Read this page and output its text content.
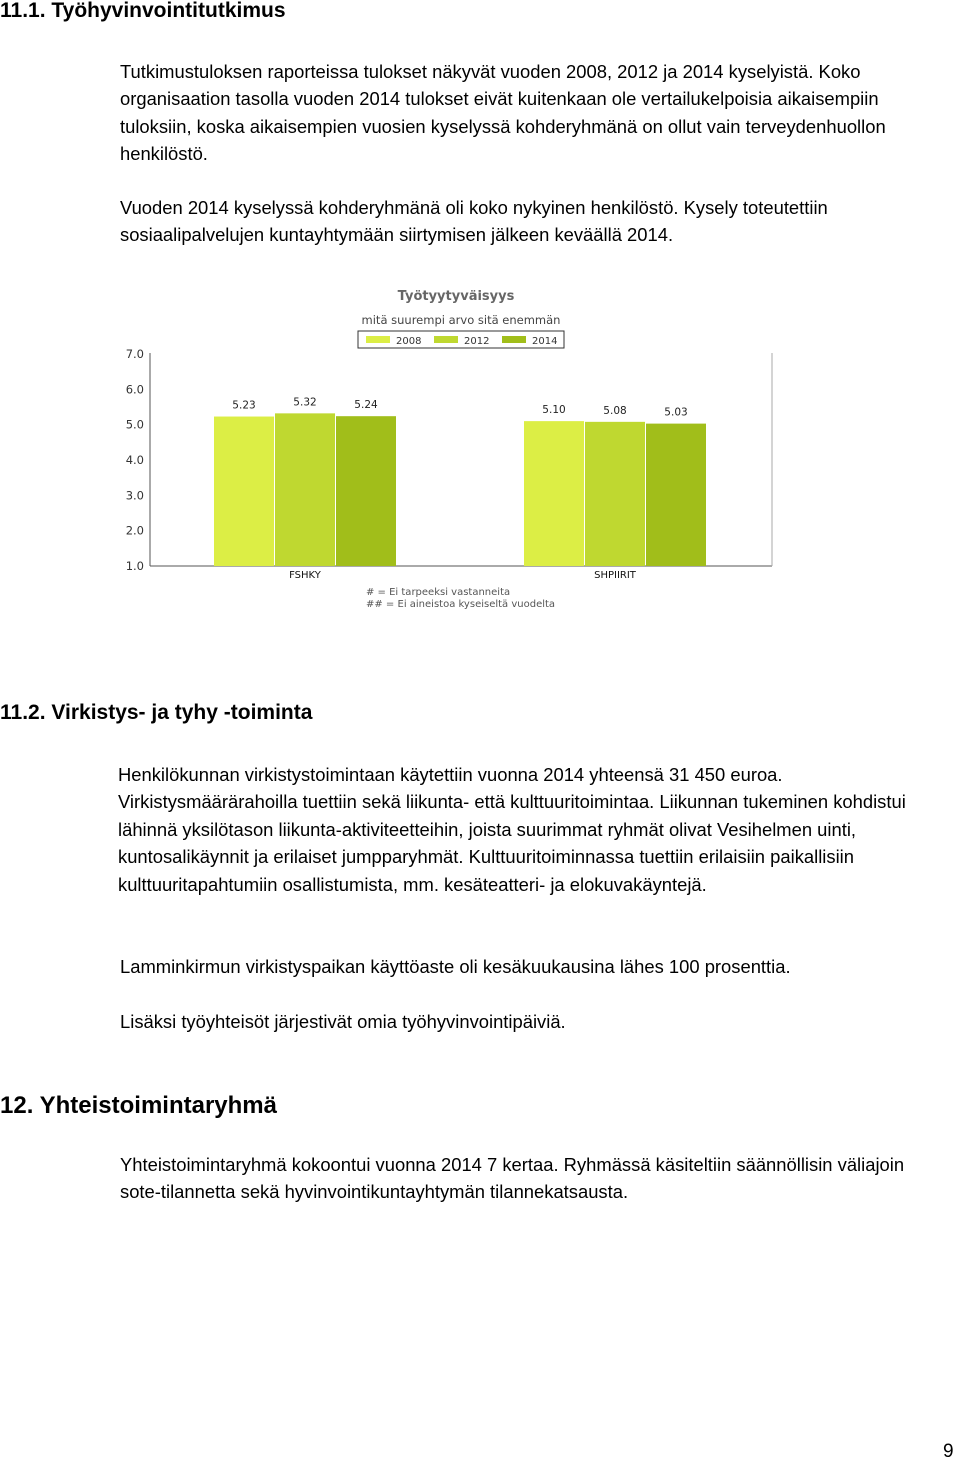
11.1. Työhyvinvointitutkimus

Tutkimustuloksen raporteissa tulokset näkyvät vuoden 2008, 2012 ja 2014 kyselyistä. Koko organisaation tasolla vuoden 2014 tulokset eivät kuitenkaan ole vertailukelpoisia aikaisempiin tuloksiin, koska aikaisempien vuosien kyselyssä kohderyhmänä on ollut vain terveydenhuollon henkilöstö.

Vuoden 2014 kyselyssä kohderyhmänä oli koko nykyinen henkilöstö. Kysely toteutettiin sosiaalipalvelujen kuntayhtymään siirtymisen jälkeen keväällä 2014.

Työtyytyväisyys
mitä suurempi arvo sitä enemmän
2008	2012	2014
1.0
2.0
3.0
4.0
5.0
6.0
7.0
5.23	5.32	5.24	5.10	5.08	5.03
FSHKY	SHPIIRIT
# = Ei tarpeeksi vastanneita
## = Ei aineistoa kyseiseltä vuodelta
11.2. Virkistys- ja tyhy -toiminta

Henkilökunnan virkistystoimintaan käytettiin vuonna 2014 yhteensä 31 450 euroa. Virkistysmäärärahoilla tuettiin sekä liikunta- että kulttuuritoimintaa. Liikunnan tukeminen kohdistui lähinnä yksilötason liikunta-aktiviteetteihin, joista suurimmat ryhmät olivat Vesihelmen uinti, kuntosalikäynnit ja erilaiset jumpparyhmät. Kulttuuritoiminnassa tuettiin erilaisiin paikallisiin kulttuuritapahtumiin osallistumista, mm. kesäteatteri- ja elokuvakäyntejä.

Lamminkirmun virkistyspaikan käyttöaste oli kesäkuukausina lähes 100 prosenttia.

Lisäksi työyhteisöt järjestivät omia työhyvinvointipäiviä.

12. Yhteistoimintaryhmä

Yhteistoimintaryhmä kokoontui vuonna 2014 7 kertaa. Ryhmässä käsiteltiin säännöllisin väliajoin sote-tilannetta sekä hyvinvointikuntayhtymän tilannekatsausta.

9
